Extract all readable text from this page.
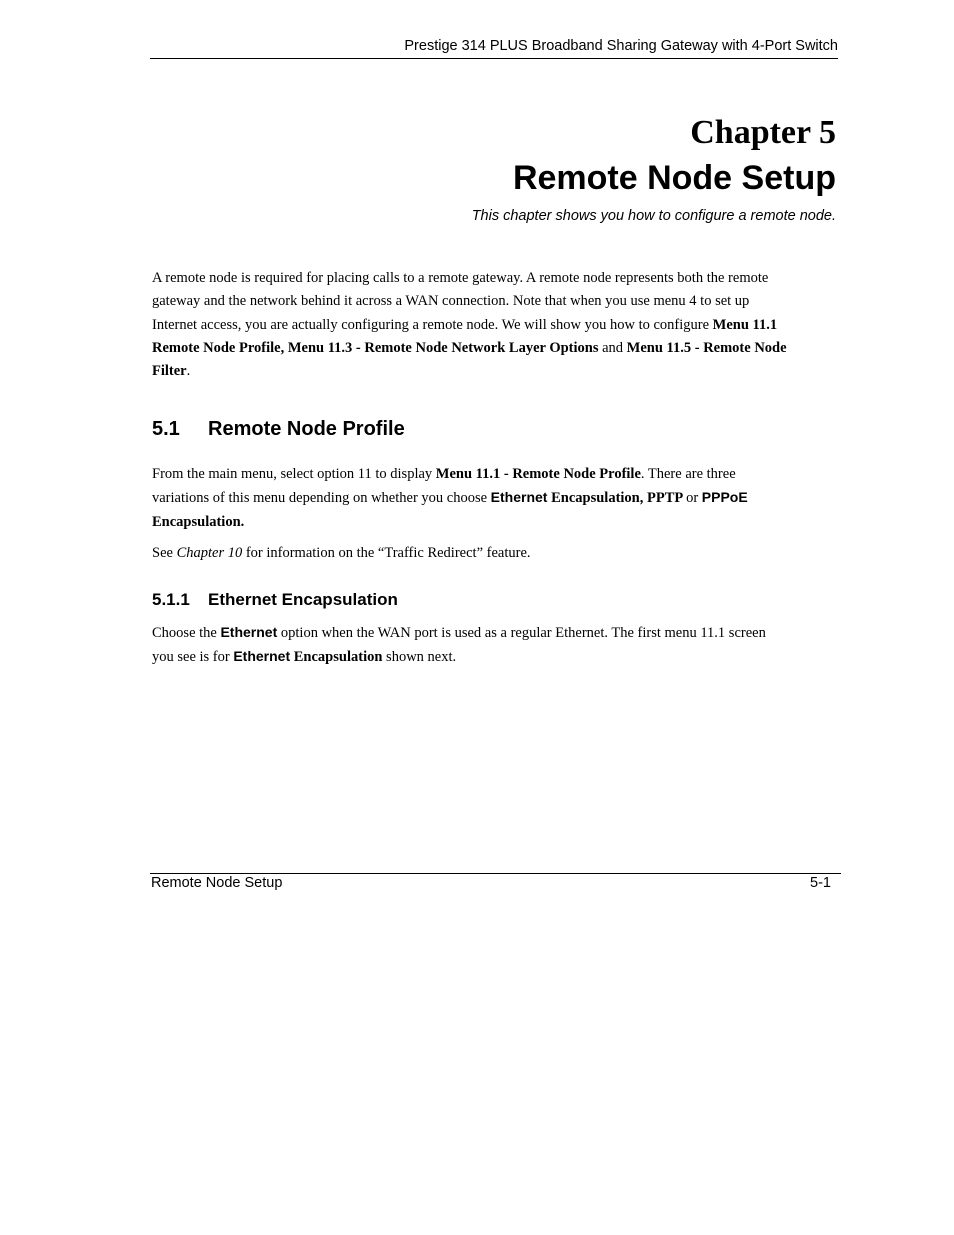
Prestige 314 PLUS Broadband Sharing Gateway with 4-Port Switch
Chapter 5
Remote Node Setup
This chapter shows you how to configure a remote node.

A remote node is required for placing calls to a remote gateway. A remote node represents both the remote
gateway and the network behind it across a WAN connection. Note that when you use menu 4 to set up
Internet access, you are actually configuring a remote node. We will show you how to configure Menu 11.1
Remote Node Profile, Menu 11.3 - Remote Node Network Layer Options and Menu 11.5 - Remote Node
Filter.

5.1 Remote Node Profile

From the main menu, select option 11 to display Menu 11.1 - Remote Node Profile. There are three
variations of this menu depending on whether you choose Ethernet Encapsulation, PPTP or PPPoE
Encapsulation.

See Chapter 10 for information on the “Traffic Redirect” feature.

5.1.1 Ethernet Encapsulation

Choose the Ethernet option when the WAN port is used as a regular Ethernet. The first menu 11.1 screen
you see is for Ethernet Encapsulation shown next.

Remote Node Setup	5-1
